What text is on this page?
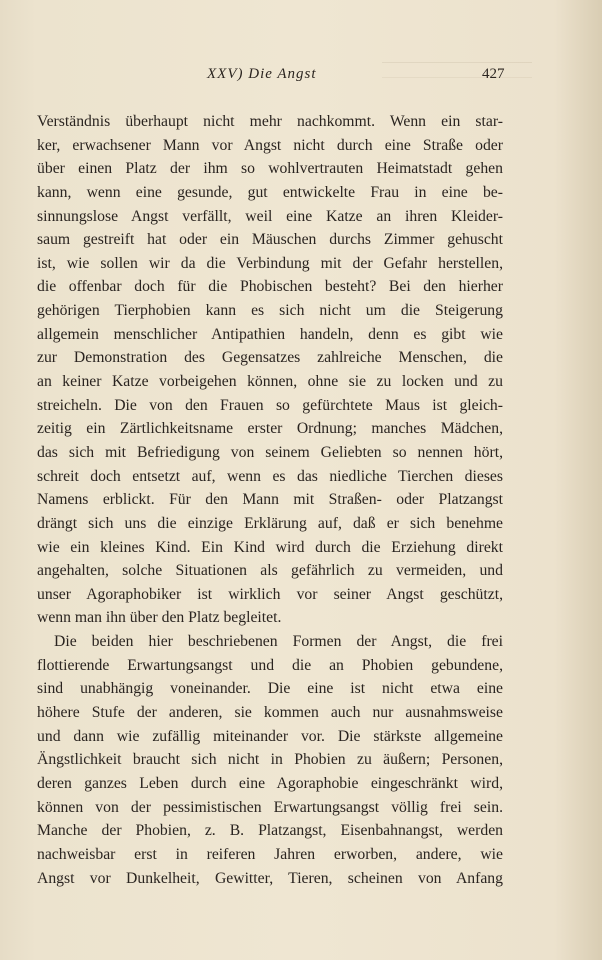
XXV) Die Angst	427
Verständnis überhaupt nicht mehr nachkommt. Wenn ein star-
ker, erwachsener Mann vor Angst nicht durch eine Straße oder
über einen Platz der ihm so wohlvertrauten Heimatstadt gehen
kann, wenn eine gesunde, gut entwickelte Frau in eine be-
sinnungslose Angst verfällt, weil eine Katze an ihren Kleider-
saum gestreift hat oder ein Mäuschen durchs Zimmer gehuscht
ist, wie sollen wir da die Verbindung mit der Gefahr herstellen,
die offenbar doch für die Phobischen besteht? Bei den hierher
gehörigen Tierphobien kann es sich nicht um die Steigerung
allgemein menschlicher Antipathien handeln, denn es gibt wie
zur Demonstration des Gegensatzes zahlreiche Menschen, die
an keiner Katze vorbeigehen können, ohne sie zu locken und zu
streicheln. Die von den Frauen so gefürchtete Maus ist gleich-
zeitig ein Zärtlichkeitsname erster Ordnung; manches Mädchen,
das sich mit Befriedigung von seinem Geliebten so nennen hört,
schreit doch entsetzt auf, wenn es das niedliche Tierchen dieses
Namens erblickt. Für den Mann mit Straßen- oder Platzangst
drängt sich uns die einzige Erklärung auf, daß er sich benehme
wie ein kleines Kind. Ein Kind wird durch die Erziehung direkt
angehalten, solche Situationen als gefährlich zu vermeiden, und
unser Agoraphobiker ist wirklich vor seiner Angst geschützt,
wenn man ihn über den Platz begleitet.
Die beiden hier beschriebenen Formen der Angst, die frei
flottierende Erwartungsangst und die an Phobien gebundene,
sind unabhängig voneinander. Die eine ist nicht etwa eine
höhere Stufe der anderen, sie kommen auch nur ausnahmsweise
und dann wie zufällig miteinander vor. Die stärkste allgemeine
Ängstlichkeit braucht sich nicht in Phobien zu äußern; Personen,
deren ganzes Leben durch eine Agoraphobie eingeschränkt wird,
können von der pessimistischen Erwartungsangst völlig frei sein.
Manche der Phobien, z. B. Platzangst, Eisenbahnangst, werden
nachweisbar erst in reiferen Jahren erworben, andere, wie
Angst vor Dunkelheit, Gewitter, Tieren, scheinen von Anfang
